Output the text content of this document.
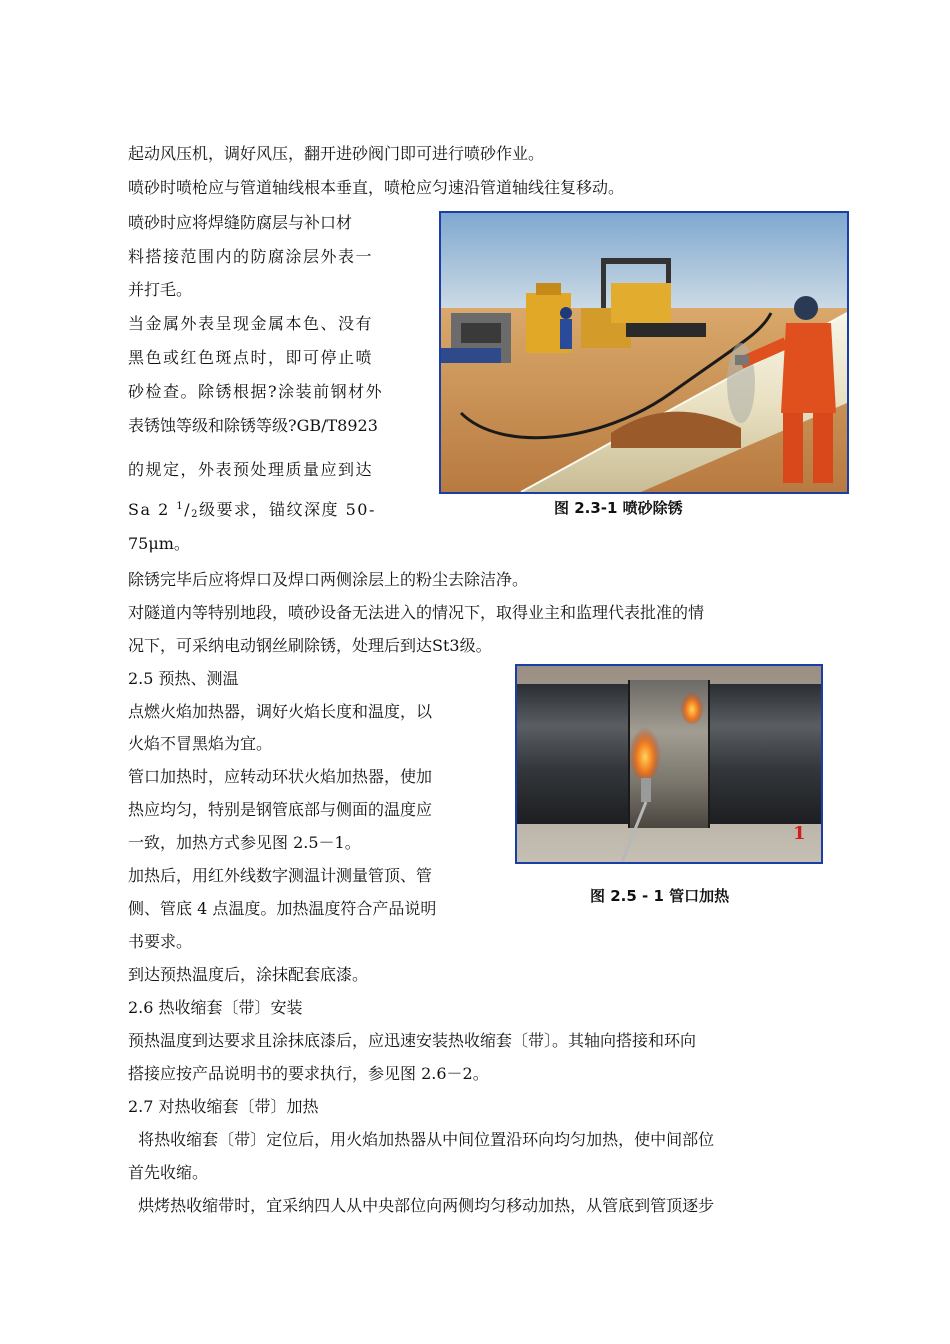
起动风压机，调好风压，翻开进砂阀门即可进行喷砂作业。
喷砂时喷枪应与管道轴线根本垂直，喷枪应匀速沿管道轴线往复移动。
喷砂时应将焊缝防腐层与补口材
料搭接范围内的防腐涂层外表一
并打毛。
当金属外表呈现金属本色、没有
黑色或红色斑点时，即可停止喷
砂检查。除锈根据?涂装前钢材外
表锈蚀等级和除锈等级?GB/T8923
的规定，外表预处理质量应到达
Sa 2 $^1/_2$级要求，锚纹深度 50-
75μm。
图 2.3-1 喷砂除锈
除锈完毕后应将焊口及焊口两侧涂层上的粉尘去除洁净。
对隧道内等特别地段，喷砂设备无法进入的情况下，取得业主和监理代表批准的情
况下，可采纳电动钢丝刷除锈，处理后到达St3级。
2.5 预热、测温
点燃火焰加热器，调好火焰长度和温度，以
火焰不冒黑焰为宜。
管口加热时，应转动环状火焰加热器，使加
热应均匀，特别是钢管底部与侧面的温度应
一致，加热方式参见图 2.5－1。
加热后，用红外线数字测温计测量管顶、管
侧、管底 4 点温度。加热温度符合产品说明
书要求。
1
图 2.5 - 1 管口加热
到达预热温度后，涂抹配套底漆。
2.6 热收缩套〔带〕安装
预热温度到达要求且涂抹底漆后，应迅速安装热收缩套〔带〕。其轴向搭接和环向
搭接应按产品说明书的要求执行，参见图 2.6－2。
2.7 对热收缩套〔带〕加热
将热收缩套〔带〕定位后，用火焰加热器从中间位置沿环向均匀加热，使中间部位
首先收缩。
烘烤热收缩带时，宜采纳四人从中央部位向两侧均匀移动加热，从管底到管顶逐步
